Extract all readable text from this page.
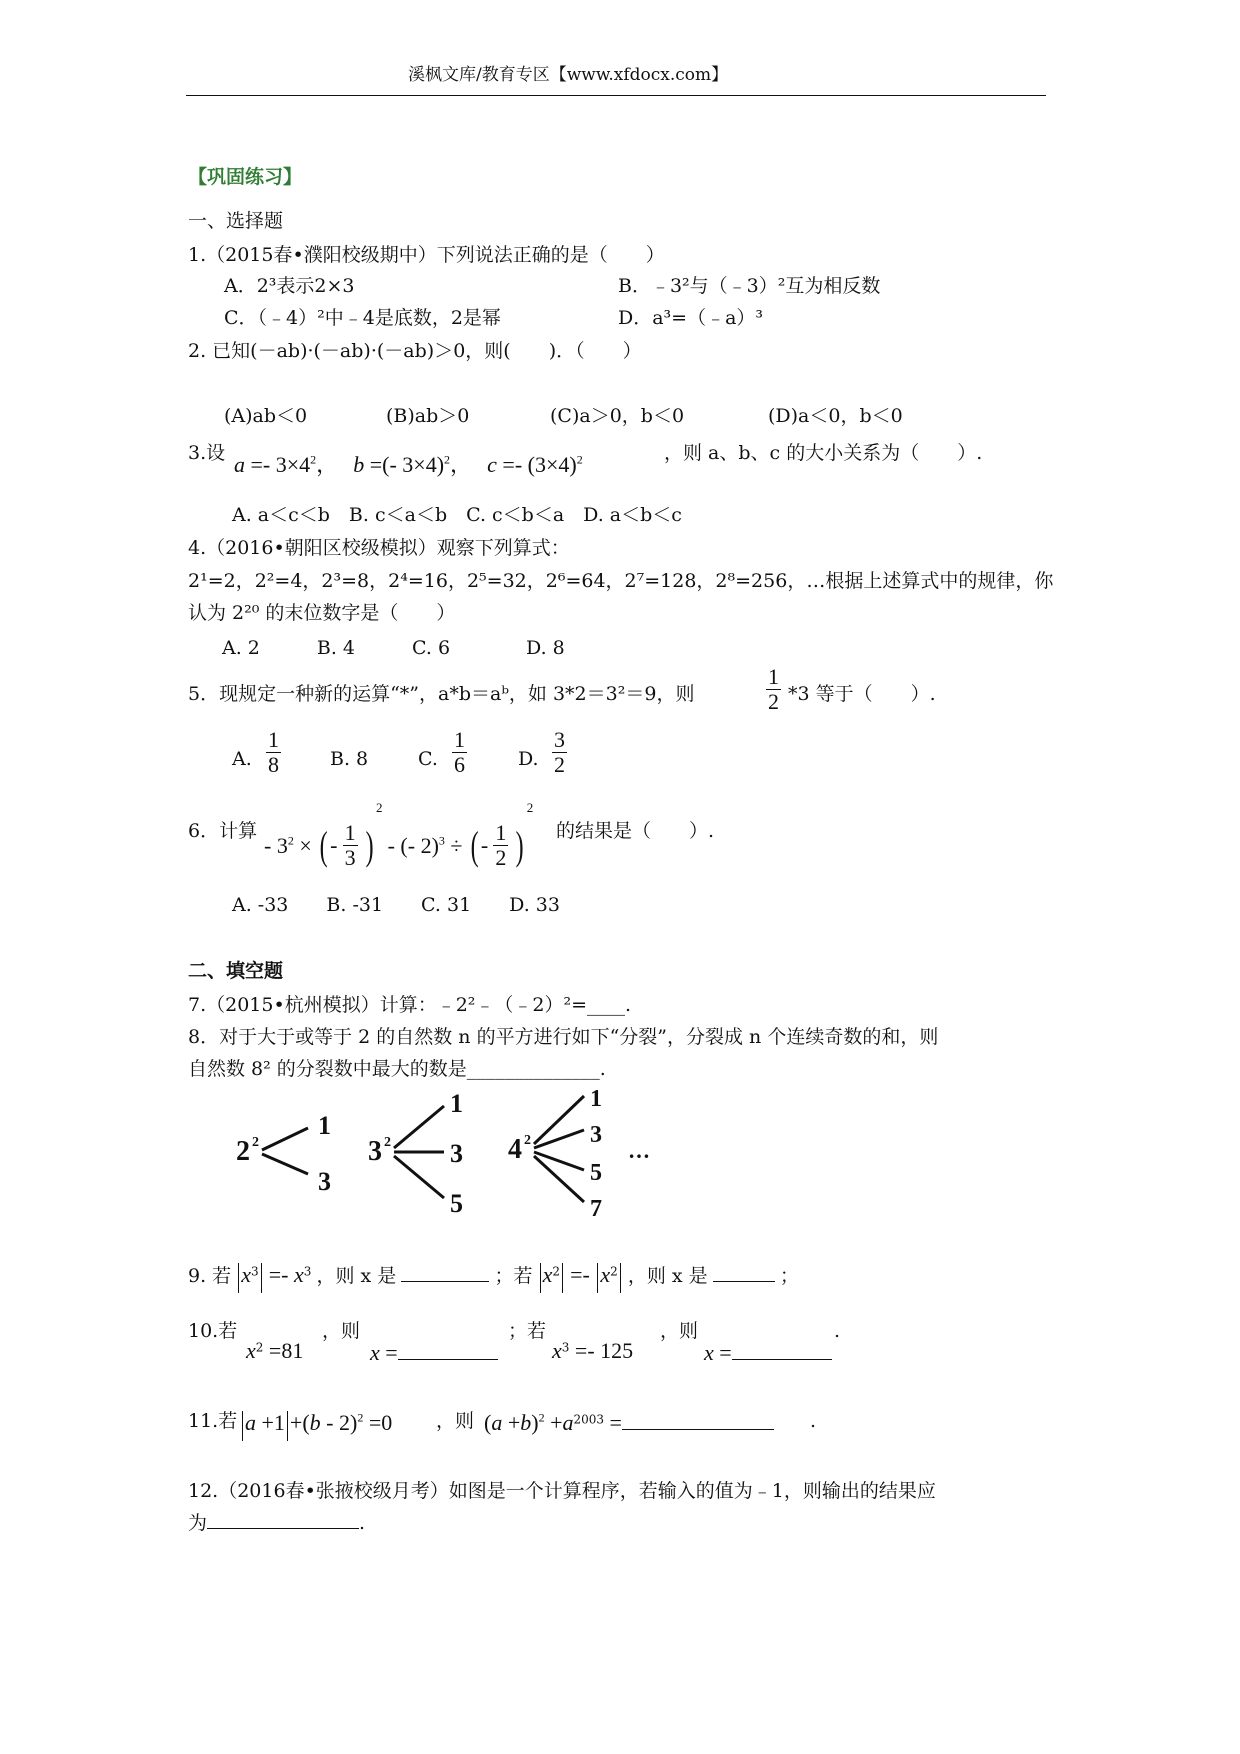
溪枫文库/教育专区【www.xfdocx.com】
【巩固练习】
一、选择题
1.（2015春•濮阳校级期中）下列说法正确的是（　　）
A．2³表示2×3	B．﹣3²与（﹣3）²互为相反数
C．（﹣4）²中﹣4是底数，2是幂	D．a³=（﹣a）³
2. 已知(－ab)·(－ab)·(－ab)＞0，则(　　)．（　　）
(A)ab＜0	(B)ab＞0	(C)a＞0，b＜0	(D)a＜0，b＜0
3.设 $a =- 3\times 4^2$， b =(- 3×4)$^2$， $c =- (3\times 4)^2$	，则 a、b、c 的大小关系为（　　）.
A. a＜c＜b　B. c＜a＜b　C. c＜b＜a　D. a＜b＜c
4.（2016•朝阳区校级模拟）观察下列算式：
2¹=2，2²=4，2³=8，2⁴=16，2⁵=32，2⁶=64，2⁷=128，2⁸=256，…根据上述算式中的规律，你
认为 2²⁰ 的末位数字是（　　）
A. 2　　　B. 4　　　C. 6　　　　D. 8
5．现规定一种新的运算“*”，a*b＝aᵇ，如 3*2＝3²＝9，则	$\frac{1}{2} *3$ 等于（　　）.
A. $\frac{1}{8}$	B. 8	C. $\frac{1}{6}$	D. $\frac{3}{2}$
6．计算
- $3^2$ × ( - $\frac{1}{3} )^2$ - (- 2)$^3$ ÷ ( - $\frac{1}{2} )^2$
的结果是（　　）.
A. -33　　B. -31　　C. 31　　D. 33
二、填空题
7.（2015•杭州模拟）计算：﹣2²﹣（﹣2）²=____.
8．对于大于或等于 2 的自然数 n 的平方进行如下“分裂”，分裂成 n 个连续奇数的和，则
自然数 8² 的分裂数中最大的数是______________.
2 2
1
3
3 2
1
3
5
4 2
1
3
5
7
…
9. 若 $x^3 =- x^3$ ，则 x 是	；若 $x^2 =- x^2$ ，则 x 是	；
10.若
$x^2 =81$
，则
x =
；若
$x^3 =- 125$
，则
x =
.
11.若 a +1 +(b - 2)$^2$ =0 ，则 $(a +b)^2 +a^{2003}$ =	.
12.（2016春•张掖校级月考）如图是一个计算程序，若输入的值为﹣1，则输出的结果应
为	.
